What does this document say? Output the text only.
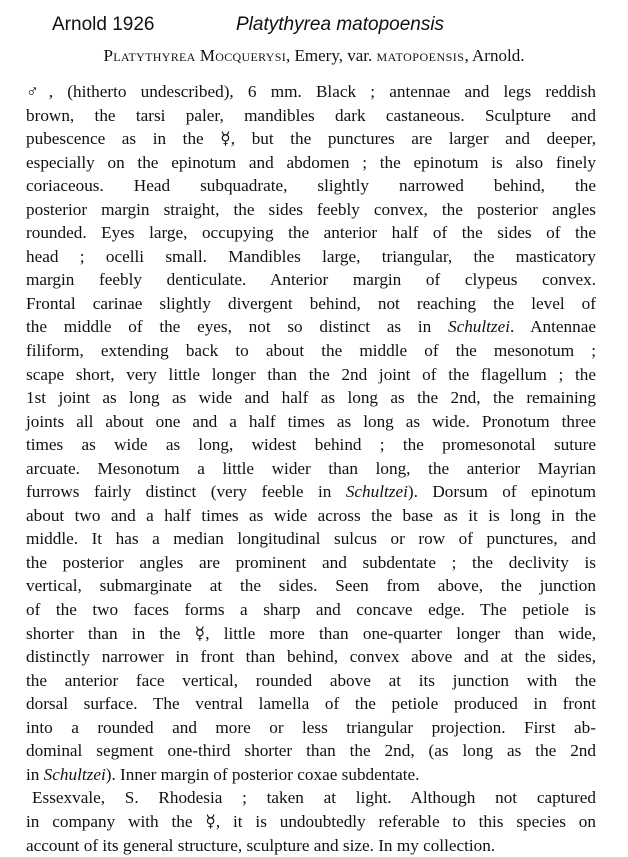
Arnold 1926	Platythyrea matopoensis
Platythyrea Mocquerysi, Emery, var. MATOPOENSIS, Arnold.
♂, (hitherto undescribed), 6 mm. Black ; antennae and legs reddish
brown, the tarsi paler, mandibles dark castaneous. Sculpture and
pubescence as in the ☿, but the punctures are larger and deeper,
especially on the epinotum and abdomen ; the epinotum is also finely
coriaceous. Head subquadrate, slightly narrowed behind, the
posterior margin straight, the sides feebly convex, the posterior angles
rounded. Eyes large, occupying the anterior half of the sides of the
head ; ocelli small. Mandibles large, triangular, the masticatory
margin feebly denticulate. Anterior margin of clypeus convex.
Frontal carinae slightly divergent behind, not reaching the level of
the middle of the eyes, not so distinct as in Schultzei. Antennae
filiform, extending back to about the middle of the mesonotum ;
scape short, very little longer than the 2nd joint of the flagellum ; the
1st joint as long as wide and half as long as the 2nd, the remaining
joints all about one and a half times as long as wide. Pronotum three
times as wide as long, widest behind ; the promesonotal suture
arcuate. Mesonotum a little wider than long, the anterior Mayrian
furrows fairly distinct (very feeble in Schultzei). Dorsum of epinotum
about two and a half times as wide across the base as it is long in the
middle. It has a median longitudinal sulcus or row of punctures, and
the posterior angles are prominent and subdentate ; the declivity is
vertical, submarginate at the sides. Seen from above, the junction
of the two faces forms a sharp and concave edge. The petiole is
shorter than in the ☿, little more than one-quarter longer than wide,
distinctly narrower in front than behind, convex above and at the sides,
the anterior face vertical, rounded above at its junction with the
dorsal surface. The ventral lamella of the petiole produced in front
into a rounded and more or less triangular projection. First ab-
dominal segment one-third shorter than the 2nd, (as long as the 2nd
in Schultzei). Inner margin of posterior coxae subdentate.
Essexvale, S. Rhodesia ; taken at light. Although not captured
in company with the ☿, it is undoubtedly referable to this species on
account of its general structure, sculpture and size. In my collection.
